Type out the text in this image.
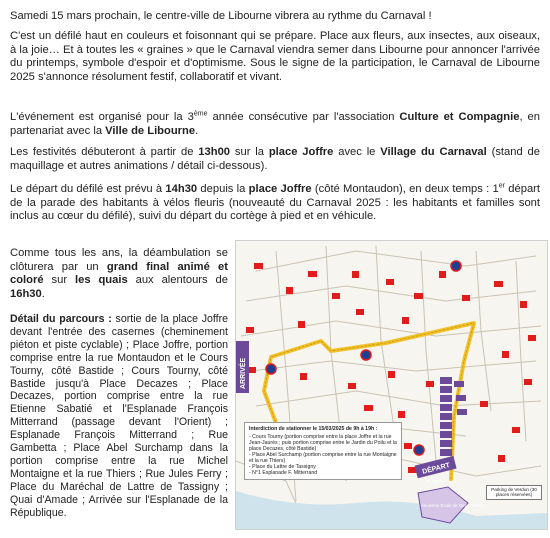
Samedi 15 mars prochain, le centre-ville de Libourne vibrera au rythme du Carnaval !

C'est un défilé haut en couleurs et foisonnant qui se prépare. Place aux fleurs, aux insectes, aux oiseaux, à la joie… Et à toutes les « graines » que le Carnaval viendra semer dans Libourne pour annoncer l'arrivée du printemps, symbole d'espoir et d'optimisme. Sous le signe de la participation, le Carnaval de Libourne 2025 s'annonce résolument festif, collaboratif et vivant.

L'événement est organisé pour la 3ème année consécutive par l'association Culture et Compagnie, en partenariat avec la Ville de Libourne.

Les festivités débuteront à partir de 13h00 sur la place Joffre avec le Village du Carnaval (stand de maquillage et autres animations / détail ci-dessous).

Le départ du défilé est prévu à 14h30 depuis la place Joffre (côté Montaudon), en deux temps : 1er départ de la parade des habitants à vélos fleuris (nouveauté du Carnaval 2025 : les habitants et familles sont inclus au cœur du défilé), suivi du départ du cortège à pied et en véhicule.

Comme tous les ans, la déambulation se clôturera par un grand final animé et coloré sur les quais aux alentours de 16h30.

Détail du parcours : sortie de la place Joffre devant l'entrée des casernes (cheminement piéton et piste cyclable) ; Place Joffre, portion comprise entre la rue Montaudon et le Cours Tourny, côté Bastide ; Cours Tourny, côté Bastide jusqu'à Place Decazes ; Place Decazes, portion comprise entre la rue Etienne Sabatié et l'Esplanade François Mitterrand (passage devant l'Orient) ; Esplanade François Mitterrand ; Rue Gambetta ; Place Abel Surchamp dans la portion comprise entre la rue Michel Montaigne et la rue Thiers ; Rue Jules Ferry ; Place du Maréchal de Lattre de Tassigny ; Quai d'Amade ; Arrivée sur l'Esplanade de la République.

ARRIVÉE
DÉPART
Pl. Joffre
Ancienne École de Gendarmerie
Interdiction de stationner le 15/03/2025 de 9h à 19h :
- Cours Tourny (portion comprise entre la place Joffre et la rue Jean-Jaurès ; puis portion comprise entre le Jardin du Poilu et la place Decazes, côté Bastide)
- Place Abel Surchamp (portion comprise entre la rue Montaigne et la rue Thiers)
- Place du Lattre de Tassigny
- N°1 Esplanade F. Mitterrand
Parking de Verdun (30 places réservées)
